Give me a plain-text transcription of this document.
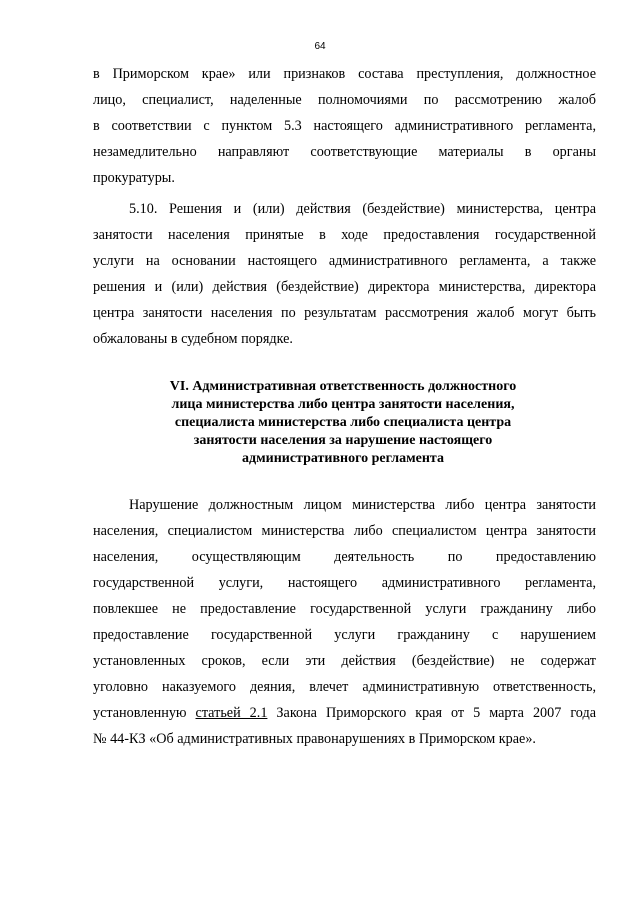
64
в Приморском крае» или признаков состава преступления, должностное
лицо, специалист, наделенные полномочиями по рассмотрению жалоб
в соответствии с пунктом 5.3 настоящего административного регламента,
незамедлительно направляют соответствующие материалы в органы
прокуратуры.
5.10. Решения и (или) действия (бездействие) министерства, центра
занятости населения принятые в ходе предоставления государственной
услуги на основании настоящего административного регламента, а также
решения и (или) действия (бездействие) директора министерства, директора
центра занятости населения по результатам рассмотрения жалоб могут быть
обжалованы в судебном порядке.
VI. Административная ответственность должностного
лица министерства либо центра занятости населения,
специалиста министерства либо специалиста центра
занятости населения за нарушение настоящего
административного регламента
Нарушение должностным лицом министерства либо центра занятости
населения, специалистом министерства либо специалистом центра занятости
населения, осуществляющим деятельность по предоставлению
государственной услуги, настоящего административного регламента,
повлекшее не предоставление государственной услуги гражданину либо
предоставление государственной услуги гражданину с нарушением
установленных сроков, если эти действия (бездействие) не содержат
уголовно наказуемого деяния, влечет административную ответственность,
установленную статьей 2.1 Закона Приморского края от 5 марта 2007 года
№ 44-КЗ «Об административных правонарушениях в Приморском крае».
